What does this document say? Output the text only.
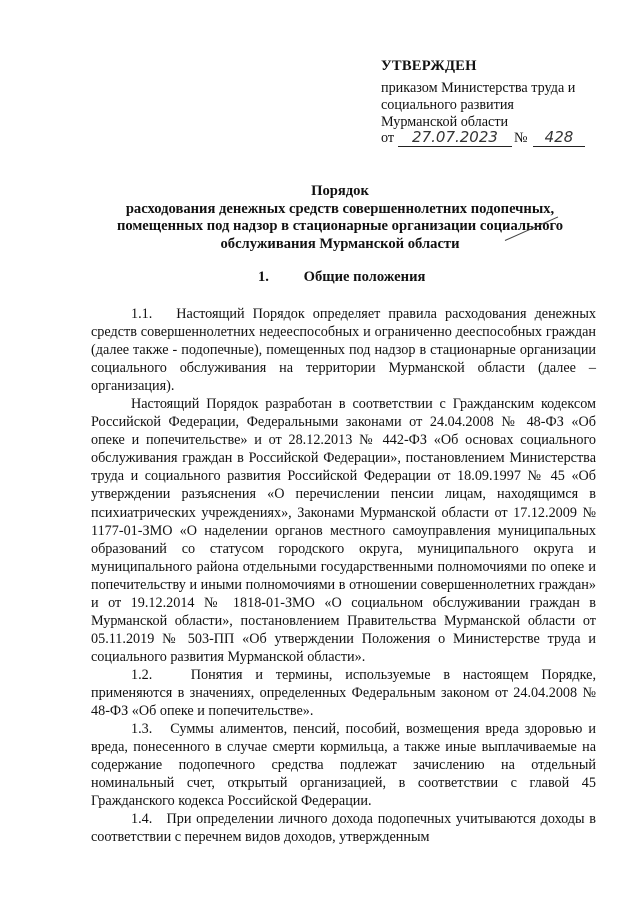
УТВЕРЖДЕН
приказом Министерства труда и
социального развития
Мурманской области
от	27.07.2023	№	428
Порядок
расходования денежных средств совершеннолетних подопечных,
помещенных под надзор в стационарные организации социального
обслуживания Мурманской области
1. Общие положения

1.1.   Настоящий Порядок определяет правила расходования денежных средств совершеннолетних недееспособных и ограниченно дееспособных граждан (далее также - подопечные), помещенных под надзор в стационарные организации социального обслуживания на территории Мурманской области (далее – организация).

Настоящий Порядок разработан в соответствии с Гражданским кодексом Российской Федерации, Федеральными законами от 24.04.2008 № 48-ФЗ «Об опеке и попечительстве» и от 28.12.2013 № 442-ФЗ «Об основах социального обслуживания граждан в Российской Федерации», постановлением Министерства труда и социального развития Российской Федерации от 18.09.1997 № 45 «Об утверждении разъяснения «О перечислении пенсии лицам, находящимся в психиатрических учреждениях», Законами Мурманской области от 17.12.2009 № 1177-01-ЗМО «О наделении органов местного самоуправления муниципальных образований со статусом городского округа, муниципального округа и муниципального района отдельными государственными полномочиями по опеке и попечительству и иными полномочиями в отношении совершеннолетних граждан» и от 19.12.2014 № 1818-01-ЗМО «О социальном обслуживании граждан в Мурманской области», постановлением Правительства Мурманской области от 05.11.2019 № 503-ПП «Об утверждении Положения о Министерстве труда и социального развития Мурманской области».

1.2.   Понятия и термины, используемые в настоящем Порядке, применяются в значениях, определенных Федеральным законом от 24.04.2008 № 48-ФЗ «Об опеке и попечительстве».

1.3.   Суммы алиментов, пенсий, пособий, возмещения вреда здоровью и вреда, понесенного в случае смерти кормильца, а также иные выплачиваемые на содержание подопечного средства подлежат зачислению на отдельный номинальный счет, открытый организацией, в соответствии с главой 45 Гражданского кодекса Российской Федерации.

1.4.   При определении личного дохода подопечных учитываются доходы в соответствии с перечнем видов доходов, утвержденным
